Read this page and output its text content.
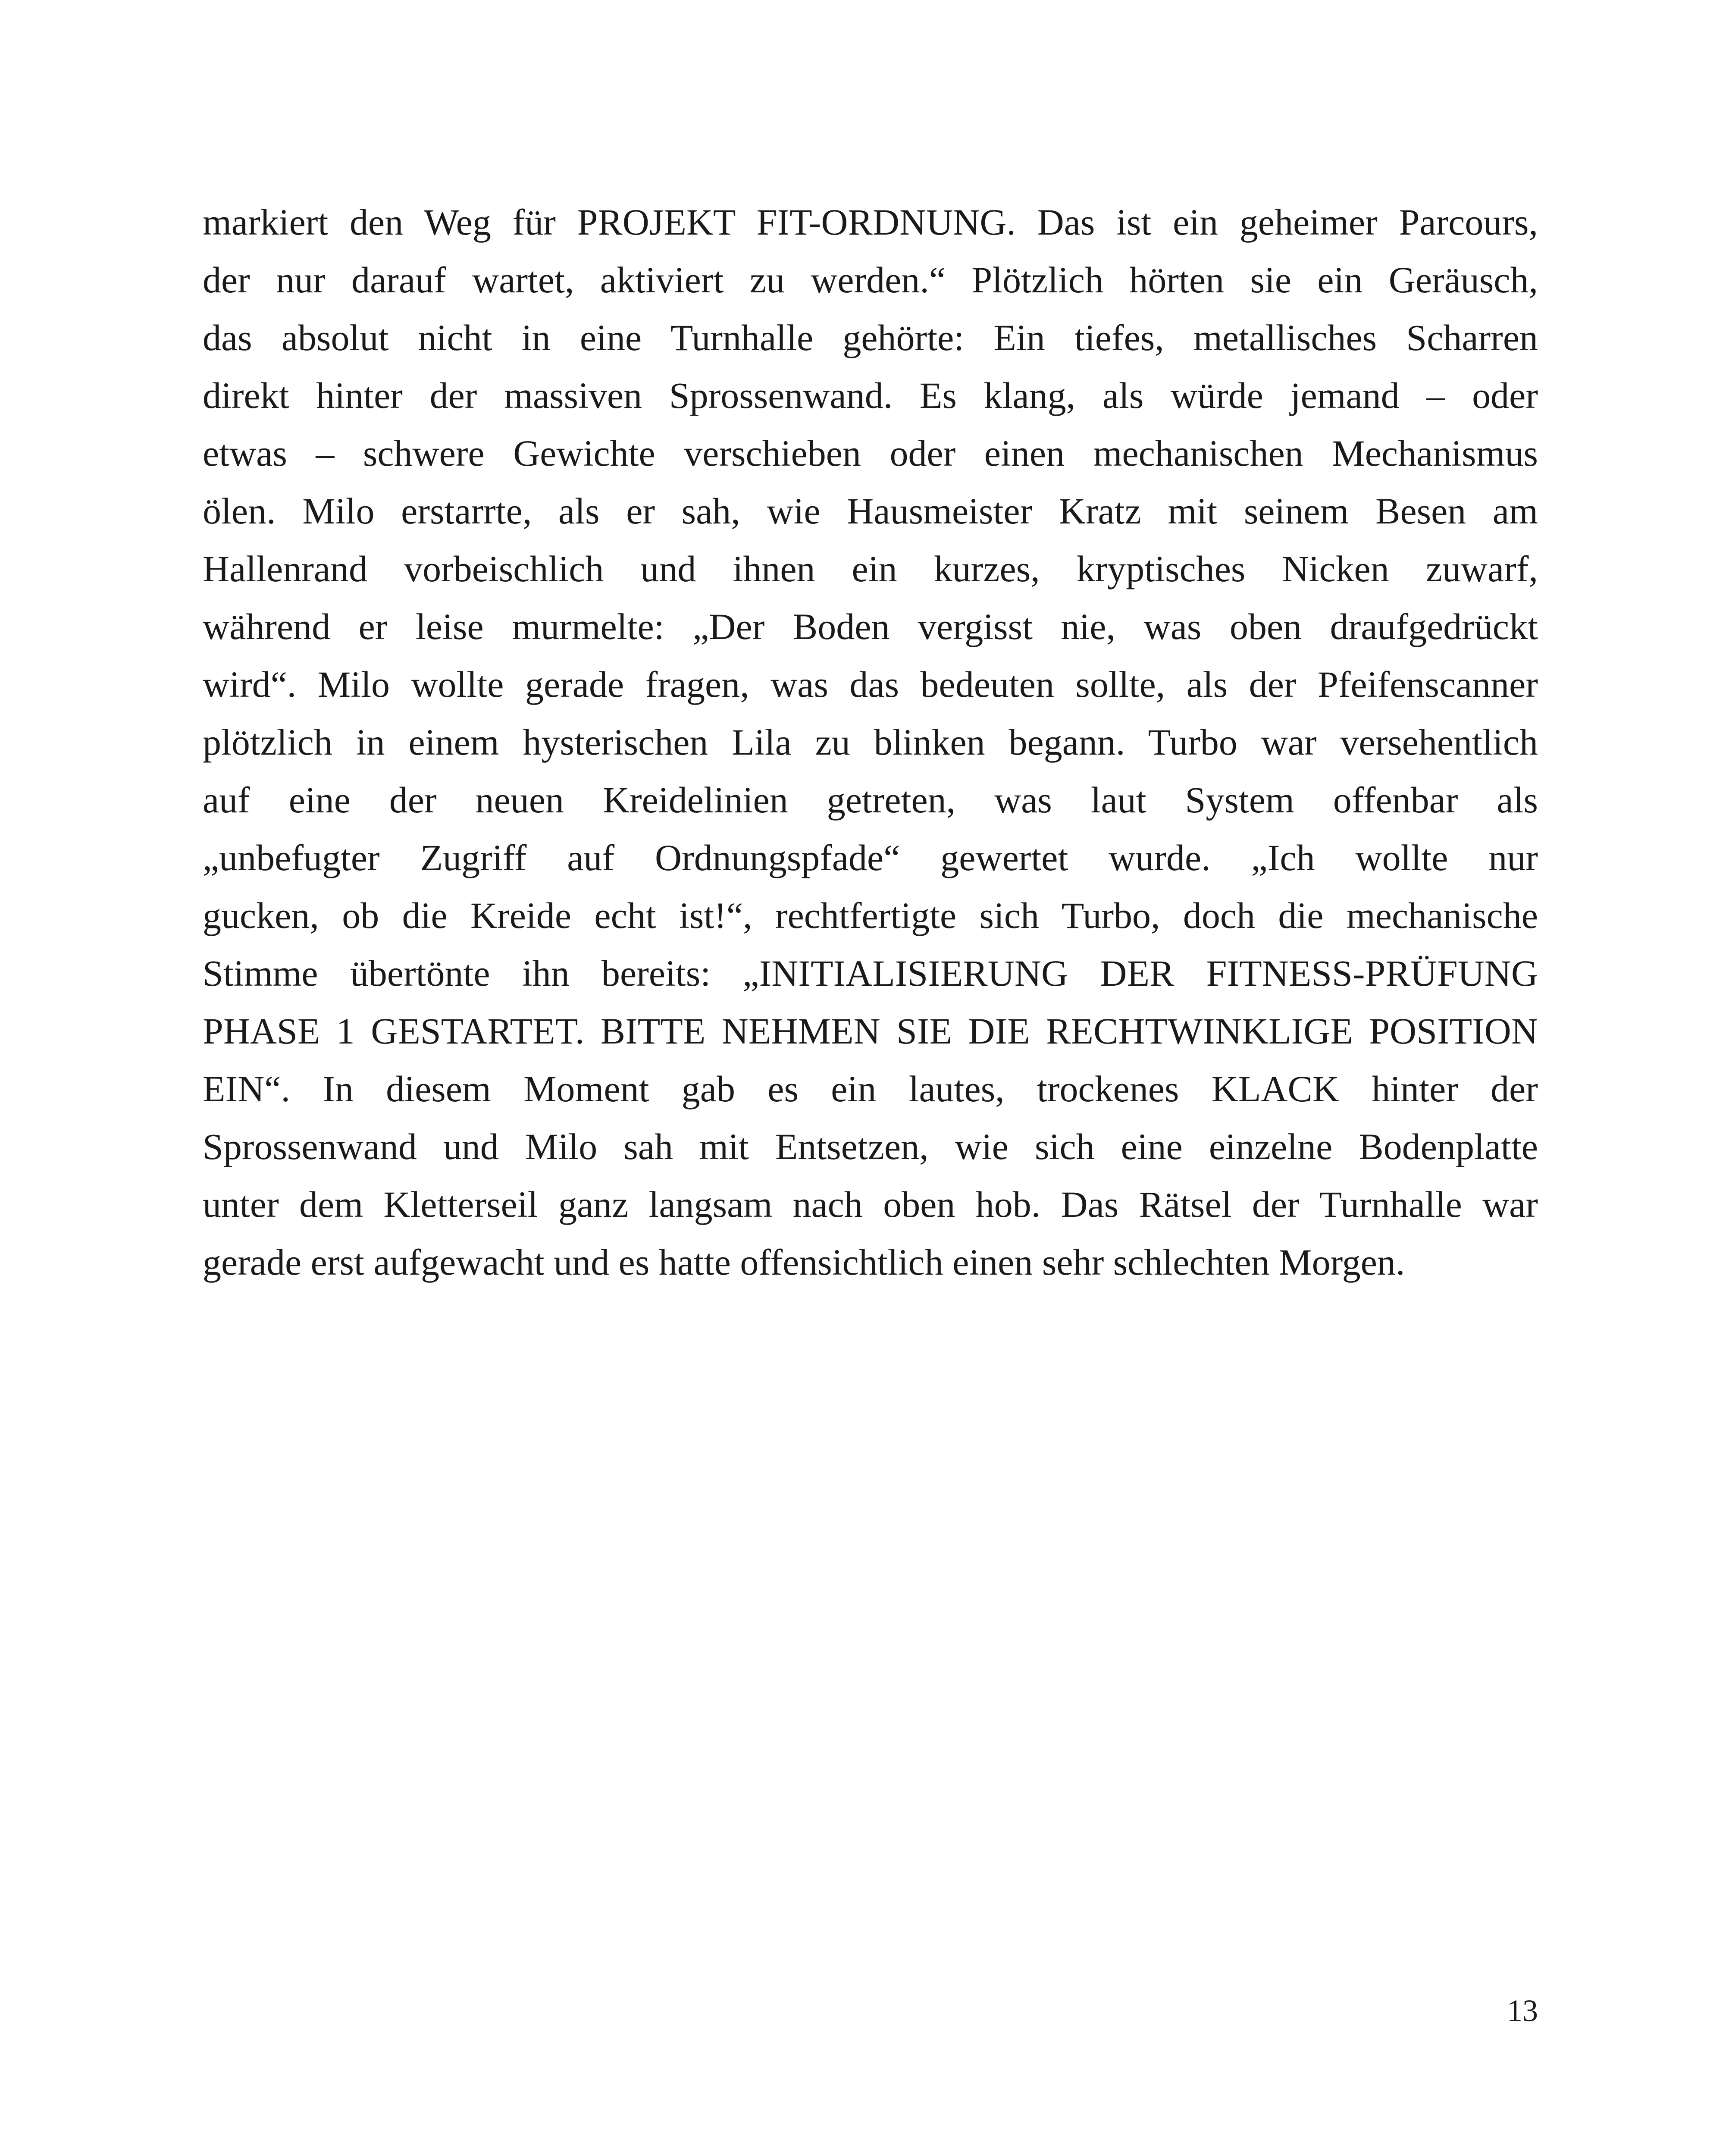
markiert den Weg für PROJEKT FIT-ORDNUNG. Das ist ein geheimer Parcours,
der nur darauf wartet, aktiviert zu werden.“ Plötzlich hörten sie ein Geräusch,
das absolut nicht in eine Turnhalle gehörte: Ein tiefes, metallisches Scharren
direkt hinter der massiven Sprossenwand. Es klang, als würde jemand – oder
etwas – schwere Gewichte verschieben oder einen mechanischen Mechanismus
ölen. Milo erstarrte, als er sah, wie Hausmeister Kratz mit seinem Besen am
Hallenrand vorbeischlich und ihnen ein kurzes, kryptisches Nicken zuwarf,
während er leise murmelte: „Der Boden vergisst nie, was oben draufgedrückt
wird“. Milo wollte gerade fragen, was das bedeuten sollte, als der Pfeifenscanner
plötzlich in einem hysterischen Lila zu blinken begann. Turbo war versehentlich
auf eine der neuen Kreidelinien getreten, was laut System offenbar als
„unbefugter Zugriff auf Ordnungspfade“ gewertet wurde. „Ich wollte nur
gucken, ob die Kreide echt ist!“, rechtfertigte sich Turbo, doch die mechanische
Stimme übertönte ihn bereits: „INITIALISIERUNG DER FITNESS-PRÜFUNG
PHASE 1 GESTARTET. BITTE NEHMEN SIE DIE RECHTWINKLIGE POSITION
EIN“. In diesem Moment gab es ein lautes, trockenes KLACK hinter der
Sprossenwand und Milo sah mit Entsetzen, wie sich eine einzelne Bodenplatte
unter dem Kletterseil ganz langsam nach oben hob. Das Rätsel der Turnhalle war
gerade erst aufgewacht und es hatte offensichtlich einen sehr schlechten Morgen.
13
